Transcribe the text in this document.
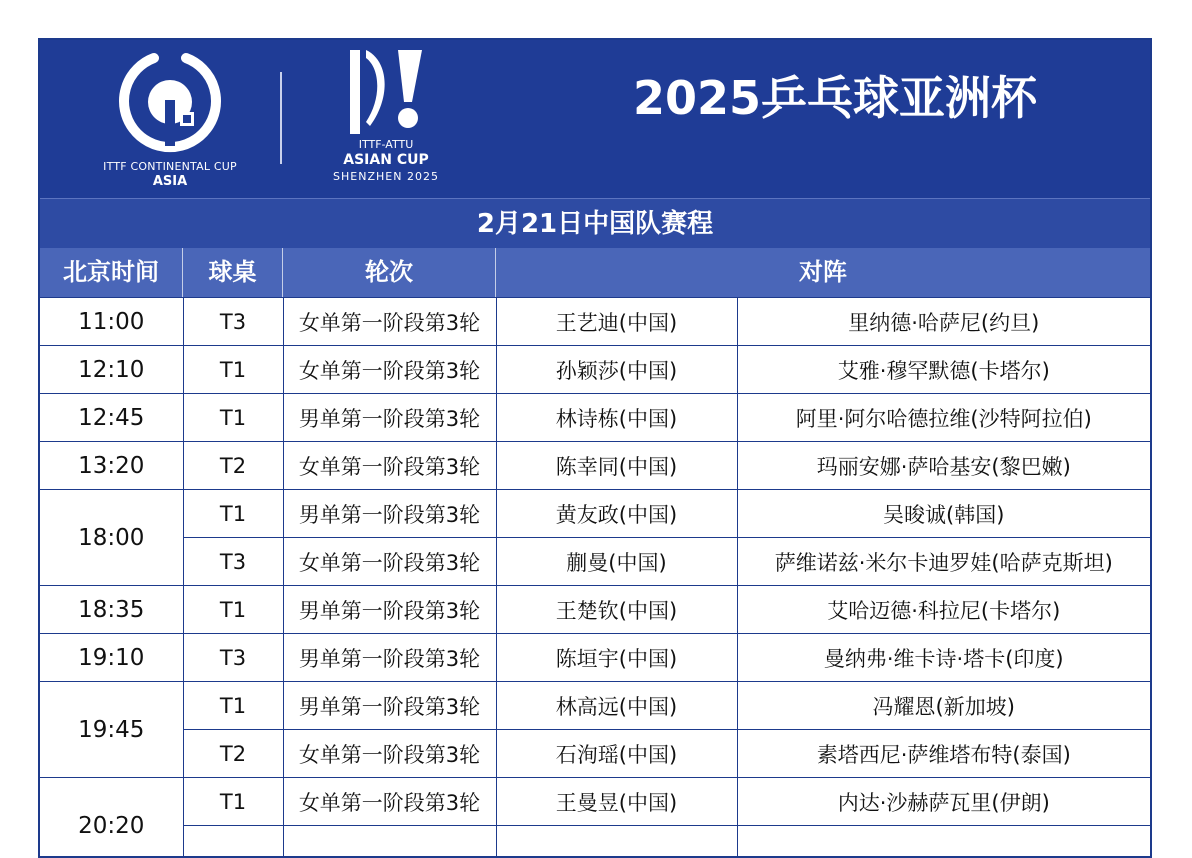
ITTF CONTINENTAL CUP
ASIA
ITTF-ATTU
ASIAN CUP
SHENZHEN 2025
2025乒乓球亚洲杯
2月21日中国队赛程
北京时间	球桌	轮次	对阵
11:00	T3	女单第一阶段第3轮	王艺迪(中国)	里纳德·哈萨尼(约旦)
12:10	T1	女单第一阶段第3轮	孙颖莎(中国)	艾雅·穆罕默德(卡塔尔)
12:45	T1	男单第一阶段第3轮	林诗栋(中国)	阿里·阿尔哈德拉维(沙特阿拉伯)
13:20	T2	女单第一阶段第3轮	陈幸同(中国)	玛丽安娜·萨哈基安(黎巴嫩)
18:00	T1	男单第一阶段第3轮	黄友政(中国)	吴晙诚(韩国)
	T3	女单第一阶段第3轮	蒯曼(中国)	萨维诺兹·米尔卡迪罗娃(哈萨克斯坦)
18:35	T1	男单第一阶段第3轮	王楚钦(中国)	艾哈迈德·科拉尼(卡塔尔)
19:10	T3	男单第一阶段第3轮	陈垣宇(中国)	曼纳弗·维卡诗·塔卡(印度)
19:45	T1	男单第一阶段第3轮	林高远(中国)	冯耀恩(新加坡)
	T2	女单第一阶段第3轮	石洵瑶(中国)	素塔西尼·萨维塔布特(泰国)
20:20	T1	女单第一阶段第3轮	王曼昱(中国)	内达·沙赫萨瓦里(伊朗)
